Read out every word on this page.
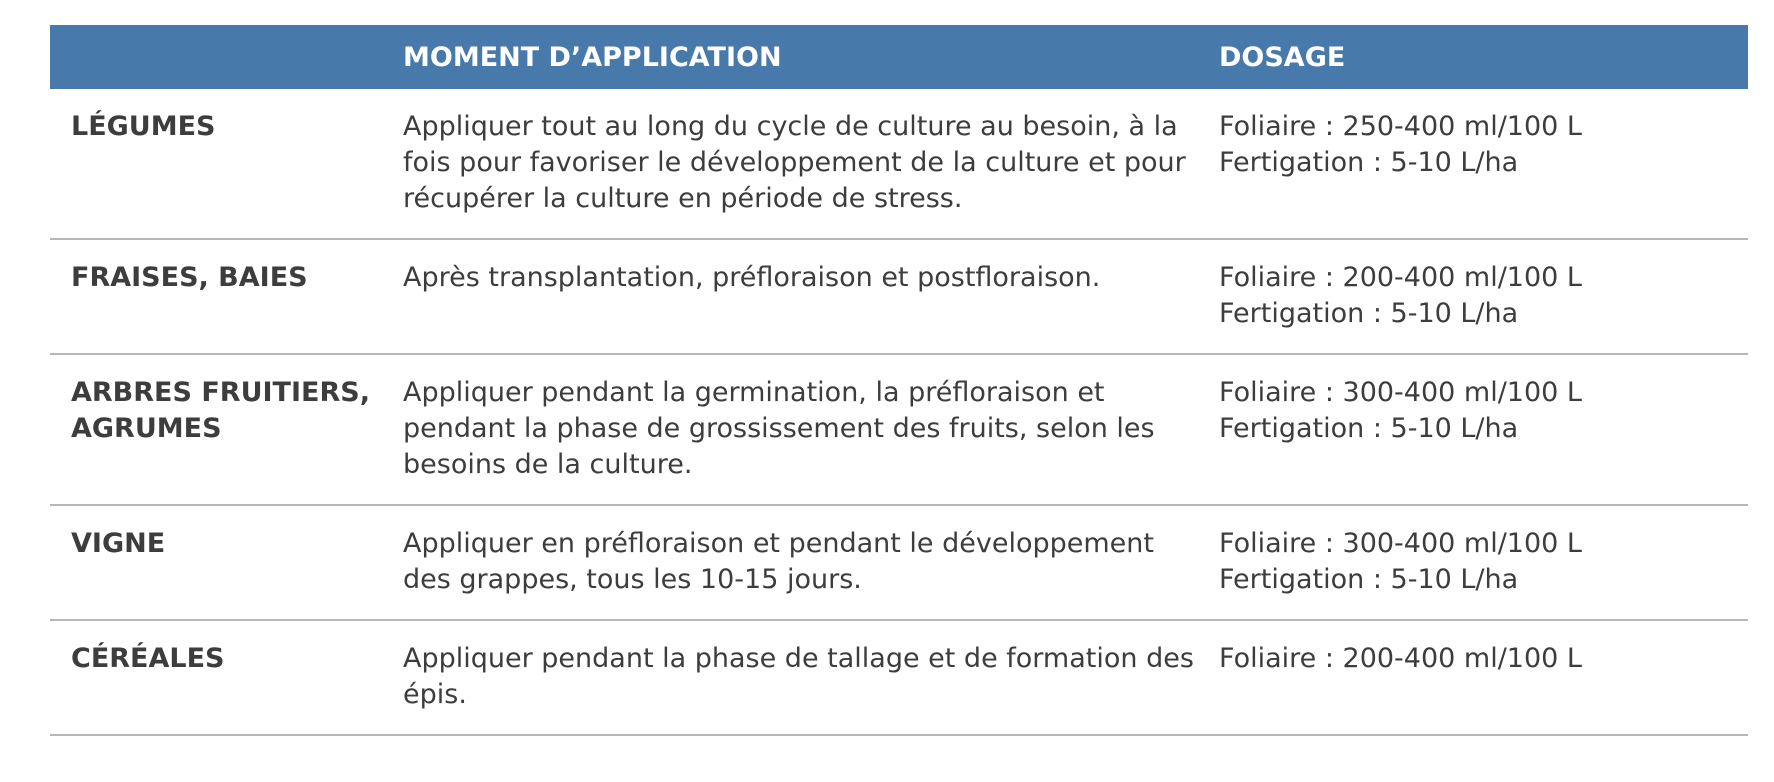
	MOMENT D’APPLICATION	DOSAGE
LÉGUMES	Appliquer tout au long du cycle de culture au besoin, à la fois pour favoriser le développement de la culture et pour récupérer la culture en période de stress.	Foliaire : 250-400 ml/100 L
Fertigation : 5-10 L/ha

FRAISES, BAIES	Après transplantation, préfloraison et postfloraison.	Foliaire : 200-400 ml/100 L
Fertigation : 5-10 L/ha

ARBRES FRUITIERS, AGRUMES	Appliquer pendant la germination, la préfloraison et pendant la phase de grossissement des fruits, selon les besoins de la culture.	Foliaire : 300-400 ml/100 L
Fertigation : 5-10 L/ha

VIGNE	Appliquer en préfloraison et pendant le développement des grappes, tous les 10-15 jours.	Foliaire : 300-400 ml/100 L
Fertigation : 5-10 L/ha

CÉRÉALES	Appliquer pendant la phase de tallage et de formation des épis.	Foliaire : 200-400 ml/100 L
